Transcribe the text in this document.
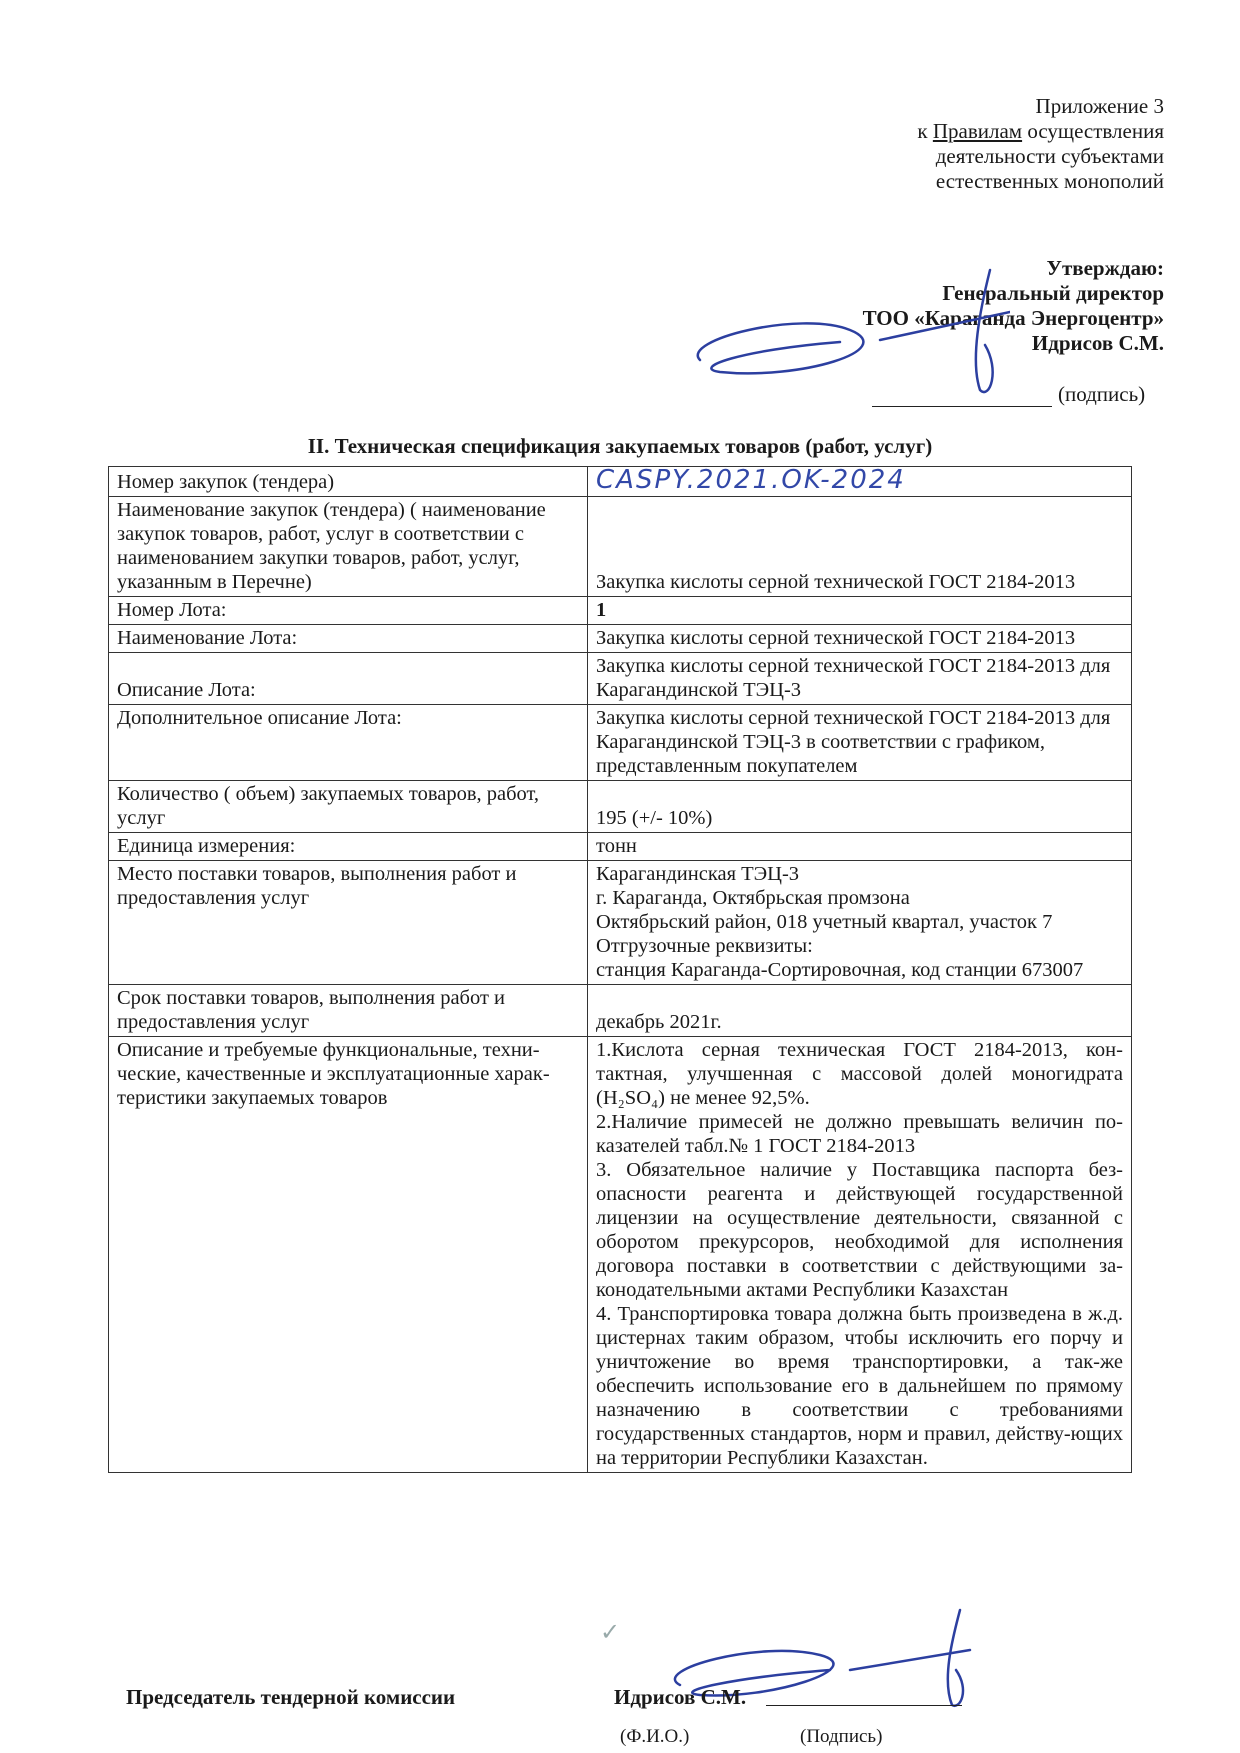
Приложение 3
к Правилам осуществления
деятельности субъектами
естественных монополий
Утверждаю:
Генеральный директор
ТОО «Караганда Энергоцентр»
Идрисов С.М.
(подпись)
II. Техническая спецификация закупаемых товаров (работ, услуг)
Номер закупок (тендера)	CASPY.2021.OK-2024
Наименование закупок (тендера) ( наименование закупок товаров, работ, услуг в соответствии с наименованием закупки товаров, работ, услуг, указанным в Перечне)	Закупка кислоты серной технической ГОСТ 2184-2013
Номер Лота:	1
Наименование Лота:	Закупка кислоты серной технической ГОСТ 2184-2013
Описание Лота:	Закупка кислоты серной технической ГОСТ 2184-2013 для Карагандинской ТЭЦ-3
Дополнительное описание Лота:	Закупка кислоты серной технической ГОСТ 2184-2013 для Карагандинской ТЭЦ-3 в соответствии с графиком, представленным покупателем
Количество ( объем) закупаемых товаров, работ, услуг	195 (+/- 10%)
Единица измерения:	тонн
Место поставки товаров, выполнения работ и предоставления услуг	Карагандинская ТЭЦ-3
г. Караганда, Октябрьская промзона
Октябрьский район, 018 учетный квартал, участок 7
Отгрузочные реквизиты:
станция Караганда-Сортировочная, код станции 673007

Срок поставки товаров, выполнения работ и предоставления услуг	декабрь 2021г.
Описание и требуемые функциональные, техни-ческие, качественные и эксплуатационные харак-теристики закупаемых товаров	1.Кислота серная техническая ГОСТ 2184-2013, кон-тактная, улучшенная с массовой долей моногидрата (H₂SO₄) не менее 92,5%.

2.Наличие примесей не должно превышать величин по-казателей табл.№ 1 ГОСТ 2184-2013

3. Обязательное наличие у Поставщика паспорта без-опасности реагента и действующей государственной лицензии на осуществление деятельности, связанной с оборотом прекурсоров, необходимой для исполнения договора поставки в соответствии с действующими за-конодательными актами Республики Казахстан

4. Транспортировка товара должна быть произведена в ж.д. цистернах таким образом, чтобы исключить его порчу и уничтожение во время транспортировки, а так-же обеспечить использование его в дальнейшем по прямому назначению в соответствии с требованиями государственных стандартов, норм и правил, действу-ющих на территории Республики Казахстан.

✓
Председатель тендерной комиссии	Идрисов С.М.
(Ф.И.О.)	(Подпись)
